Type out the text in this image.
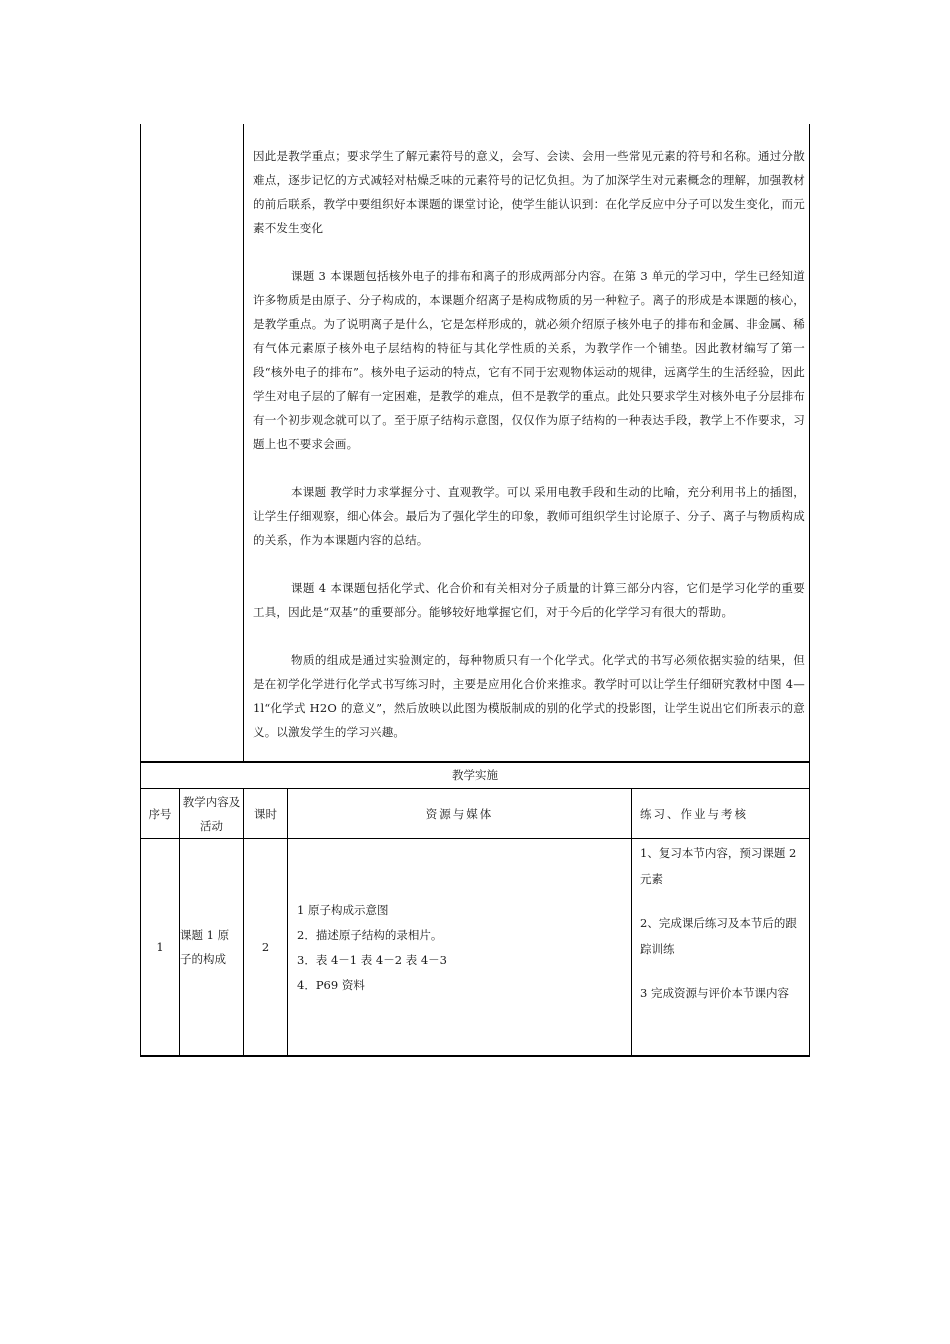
因此是教学重点；要求学生了解元素符号的意义，会写、会读、会用一些常见元素的符号和名称。通过分散难点，逐步记忆的方式减轻对枯燥乏味的元素符号的记忆负担。为了加深学生对元素概念的理解，加强教材的前后联系，教学中要组织好本课题的课堂讨论，使学生能认识到：在化学反应中分子可以发生变化，而元素不发生变化

课题 3 本课题包括核外电子的排布和离子的形成两部分内容。在第 3 单元的学习中，学生已经知道许多物质是由原子、分子构成的，本课题介绍离子是构成物质的另一种粒子。离子的形成是本课题的核心，是教学重点。为了说明离子是什么，它是怎样形成的，就必须介绍原子核外电子的排布和金属、非金属、稀有气体元素原子核外电子层结构的特征与其化学性质的关系，为教学作一个铺垫。因此教材编写了第一段“核外电子的排布”。核外电子运动的特点，它有不同于宏观物体运动的规律，远离学生的生活经验，因此学生对电子层的了解有一定困难，是教学的难点，但不是教学的重点。此处只要求学生对核外电子分层排布有一个初步观念就可以了。至于原子结构示意图，仅仅作为原子结构的一种表达手段，教学上不作要求，习题上也不要求会画。

本课题 教学时力求掌握分寸、直观教学。可以 采用电教手段和生动的比喻，充分利用书上的插图，让学生仔细观察，细心体会。最后为了强化学生的印象，教师可组织学生讨论原子、分子、离子与物质构成的关系，作为本课题内容的总结。

课题 4 本课题包括化学式、化合价和有关相对分子质量的计算三部分内容，它们是学习化学的重要工具，因此是“双基”的重要部分。能够较好地掌握它们，对于今后的化学学习有很大的帮助。

物质的组成是通过实验测定的，每种物质只有一个化学式。化学式的书写必须依据实验的结果，但是在初学化学进行化学式书写练习时，主要是应用化合价来推求。教学时可以让学生仔细研究教材中图 4—1l“化学式 H2O 的意义”，然后放映以此图为模版制成的别的化学式的投影图，让学生说出它们所表示的意义。以激发学生的学习兴趣。

教学实施
序号
教学内容及活动
课时	资源与媒体	练习、作业与考核
1
课题 1 原子的构成
2
1 原子构成示意图
2．描述原子结构的录相片。
3．表 4－1 表 4－2 表 4－3
4．P69 资料
1、复习本节内容，预习课题 2 元素
2、完成课后练习及本节后的跟踪训练
3 完成资源与评价本节课内容
